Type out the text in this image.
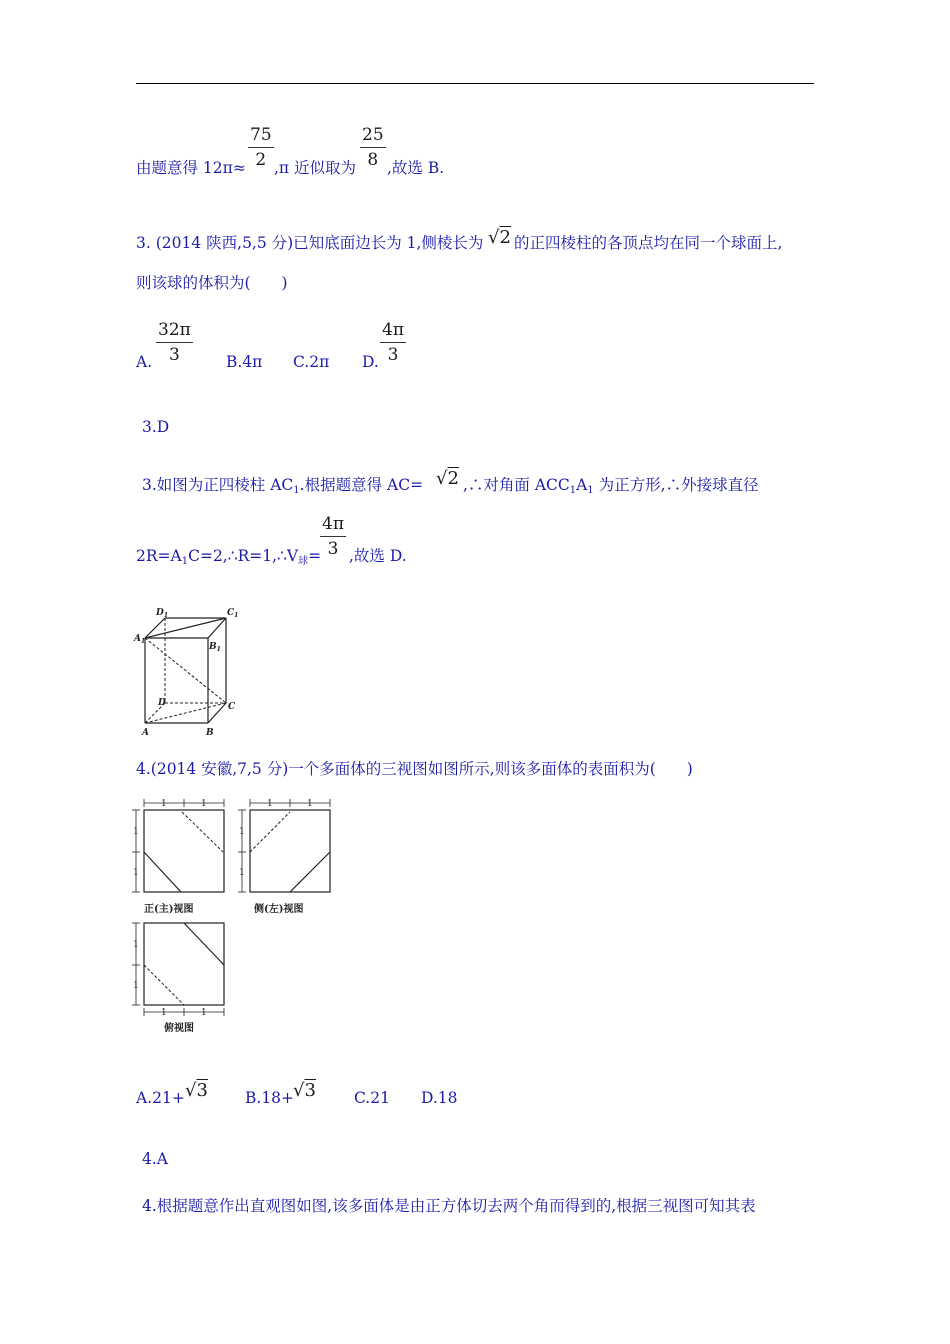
由题意得 12π≈
75
2 ,π 近似取为
25
8 ,故选 B.
3. (2014 陕西,5,5 分)已知底面边长为 1,侧棱长为 √2 的正四棱柱的各顶点均在同一个球面上,
则该球的体积为(　　)
A.
32π
3	B.4π C.2π D.
4π
3
3.D
3.如图为正四棱柱 $AC_1$.根据题意得 AC= √2 ,∴对角面 $ACC_1A_1$ 为正方形,∴外接球直径
$2R=A_1C=2,\therefore R=1,\therefore V_球=$
4π
3 ,故选 D.
$D_1$	$C_1$
$A_1$
$B_1$
D	C
A	B
4.(2014 安徽,7,5 分)一个多面体的三视图如图所示,则该多面体的表面积为(　　)
1	1
1
1
正(主)视图
1	1
1
1
侧(左)视图
1	1
1
1
俯视图
A.21+ √3 B.18+
√3 C.21 D.18
4.A
4.根据题意作出直观图如图,该多面体是由正方体切去两个角而得到的,根据三视图可知其表
